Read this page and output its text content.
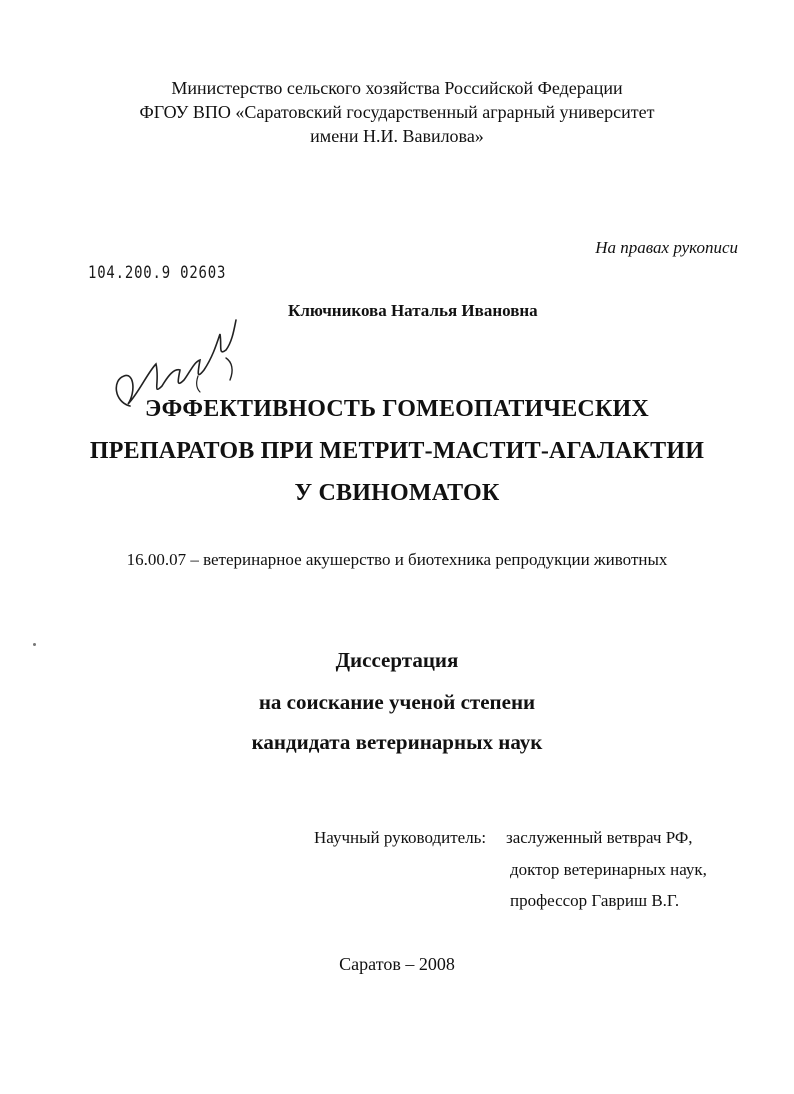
Министерство сельского хозяйства Российской Федерации
ФГОУ ВПО «Саратовский государственный аграрный университет
имени Н.И. Вавилова»
На правах рукописи
104.200.9 02603
Ключникова Наталья Ивановна
ЭФФЕКТИВНОСТЬ ГОМЕОПАТИЧЕСКИХ
ПРЕПАРАТОВ ПРИ МЕТРИТ-МАСТИТ-АГАЛАКТИИ
У СВИНОМАТОК
16.00.07 – ветеринарное акушерство и биотехника репродукции животных
Диссертация
на соискание ученой степени
кандидата ветеринарных наук
Научный руководитель: заслуженный ветврач РФ,
доктор ветеринарных наук,
профессор Гавриш В.Г.
Саратов – 2008
